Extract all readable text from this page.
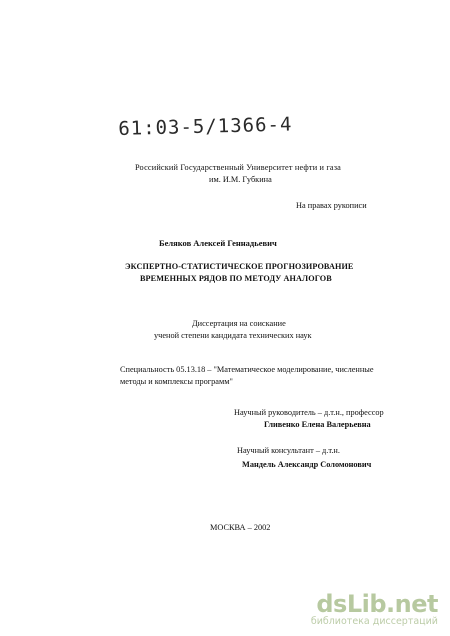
61:03-5/1366-4
Российский Государственный Университет нефти и газа
им. И.М. Губкина
На правах рукописи
Беляков Алексей Геннадьевич
ЭКСПЕРТНО-СТАТИСТИЧЕСКОЕ ПРОГНОЗИРОВАНИЕ
ВРЕМЕННЫХ РЯДОВ ПО МЕТОДУ АНАЛОГОВ
Диссертация на соискание
ученой степени кандидата технических наук
Специальность 05.13.18 – "Математическое моделирование, численные
методы и комплексы программ"
Научный руководитель – д.т.н., профессор
Гливенко Елена Валерьевна
Научный консультант – д.т.н.
Мандель Александр Соломонович
МОСКВА – 2002
dsLib.net
библиотека диссертаций
